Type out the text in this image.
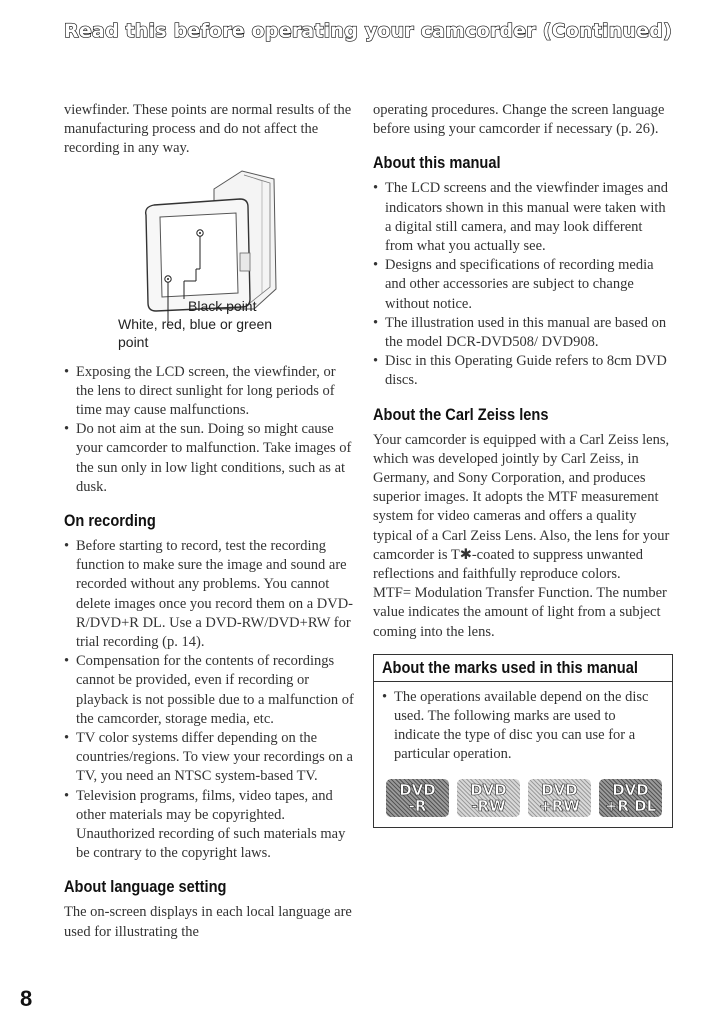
Read this before operating your camcorder (Continued)

viewfinder. These points are normal results of the manufacturing process and do not affect the recording in any way.

Black point
White, red, blue or green point
• Exposing the LCD screen, the viewfinder, or the lens to direct sunlight for long periods of time may cause malfunctions.
• Do not aim at the sun. Doing so might cause your camcorder to malfunction. Take images of the sun only in low light conditions, such as at dusk.
On recording
• Before starting to record, test the recording function to make sure the image and sound are recorded without any problems. You cannot delete images once you record them on a DVD-R/DVD+R DL. Use a DVD-RW/DVD+RW for trial recording (p. 14).
• Compensation for the contents of recordings cannot be provided, even if recording or playback is not possible due to a malfunction of the camcorder, storage media, etc.
• TV color systems differ depending on the countries/regions. To view your recordings on a TV, you need an NTSC system-based TV.
• Television programs, films, video tapes, and other materials may be copyrighted. Unauthorized recording of such materials may be contrary to the copyright laws.
About language setting

The on-screen displays in each local language are used for illustrating the

operating procedures. Change the screen language before using your camcorder if necessary (p. 26).

About this manual
• The LCD screens and the viewfinder images and indicators shown in this manual were taken with a digital still camera, and may look different from what you actually see.
• Designs and specifications of recording media and other accessories are subject to change without notice.
• The illustration used in this manual are based on the model DCR-DVD508/ DVD908.
• Disc in this Operating Guide refers to 8cm DVD discs.
About the Carl Zeiss lens

Your camcorder is equipped with a Carl Zeiss lens, which was developed jointly by Carl Zeiss, in Germany, and Sony Corporation, and produces superior images. It adopts the MTF measurement system for video cameras and offers a quality typical of a Carl Zeiss Lens. Also, the lens for your camcorder is T✱-coated to suppress unwanted reflections and faithfully reproduce colors.

MTF= Modulation Transfer Function. The number value indicates the amount of light from a subject coming into the lens.

About the marks used in this manual
• The operations available depend on the disc used. The following marks are used to indicate the type of disc you can use for a particular operation.
DVD
-R
DVD
-RW
DVD
+RW
DVD
+R DL
8
